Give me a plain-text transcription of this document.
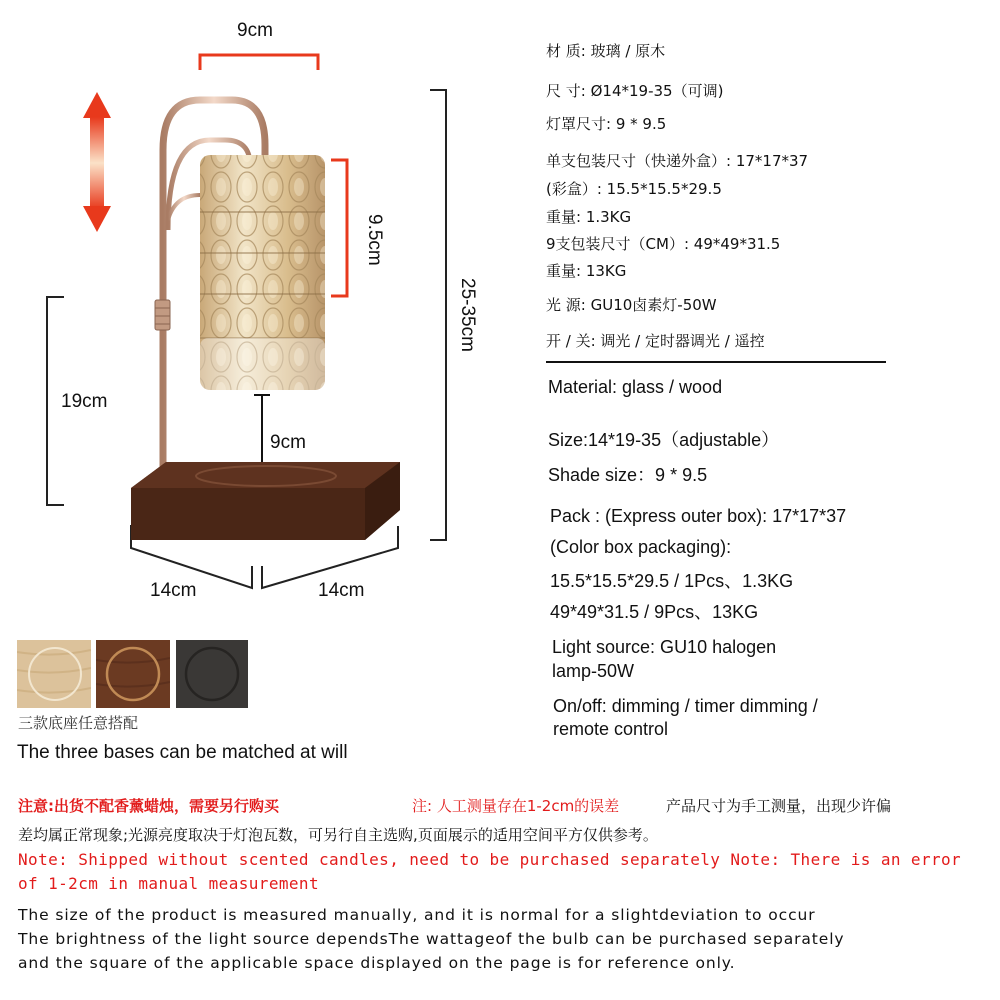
9cm
9.5cm
25-35cm
19cm
9cm
14cm	14cm
材 质: 玻璃 / 原木
尺 寸: Ø14*19-35（可调)
灯罩尺寸: 9 * 9.5
单支包装尺寸（快递外盒）: 17*17*37
(彩盒）: 15.5*15.5*29.5
重量: 1.3KG
9支包装尺寸（CM）: 49*49*31.5
重量: 13KG
光 源: GU10卤素灯-50W
开 / 关: 调光 / 定时器调光 / 遥控
Material: glass / wood
Size:14*19-35（adjustable）
Shade size：9 * 9.5
Pack : (Express outer box): 17*17*37
(Color box packaging):
15.5*15.5*29.5 / 1Pcs、1.3KG
49*49*31.5 / 9Pcs、13KG
Light source: GU10 halogen
lamp-50W
On/off: dimming / timer dimming /
remote control
三款底座任意搭配
The three bases can be matched at will
注意:出货不配香薰蜡烛，需要另行购买	注: 人工测量存在1-2cm的误差	产品尺寸为手工测量，出现少许偏
差均属正常现象;光源亮度取决于灯泡瓦数，可另行自主选购,页面展示的适用空间平方仅供参考。
Note: Shipped without scented candles, need to be purchased separately Note: There is an error
of 1-2cm in manual measurement
The size of the product is measured manually, and it is normal for a slightdeviation to occur
The brightness of the light source dependsThe wattageof the bulb can be purchased separately
and the square of the applicable space displayed on the page is for reference only.
